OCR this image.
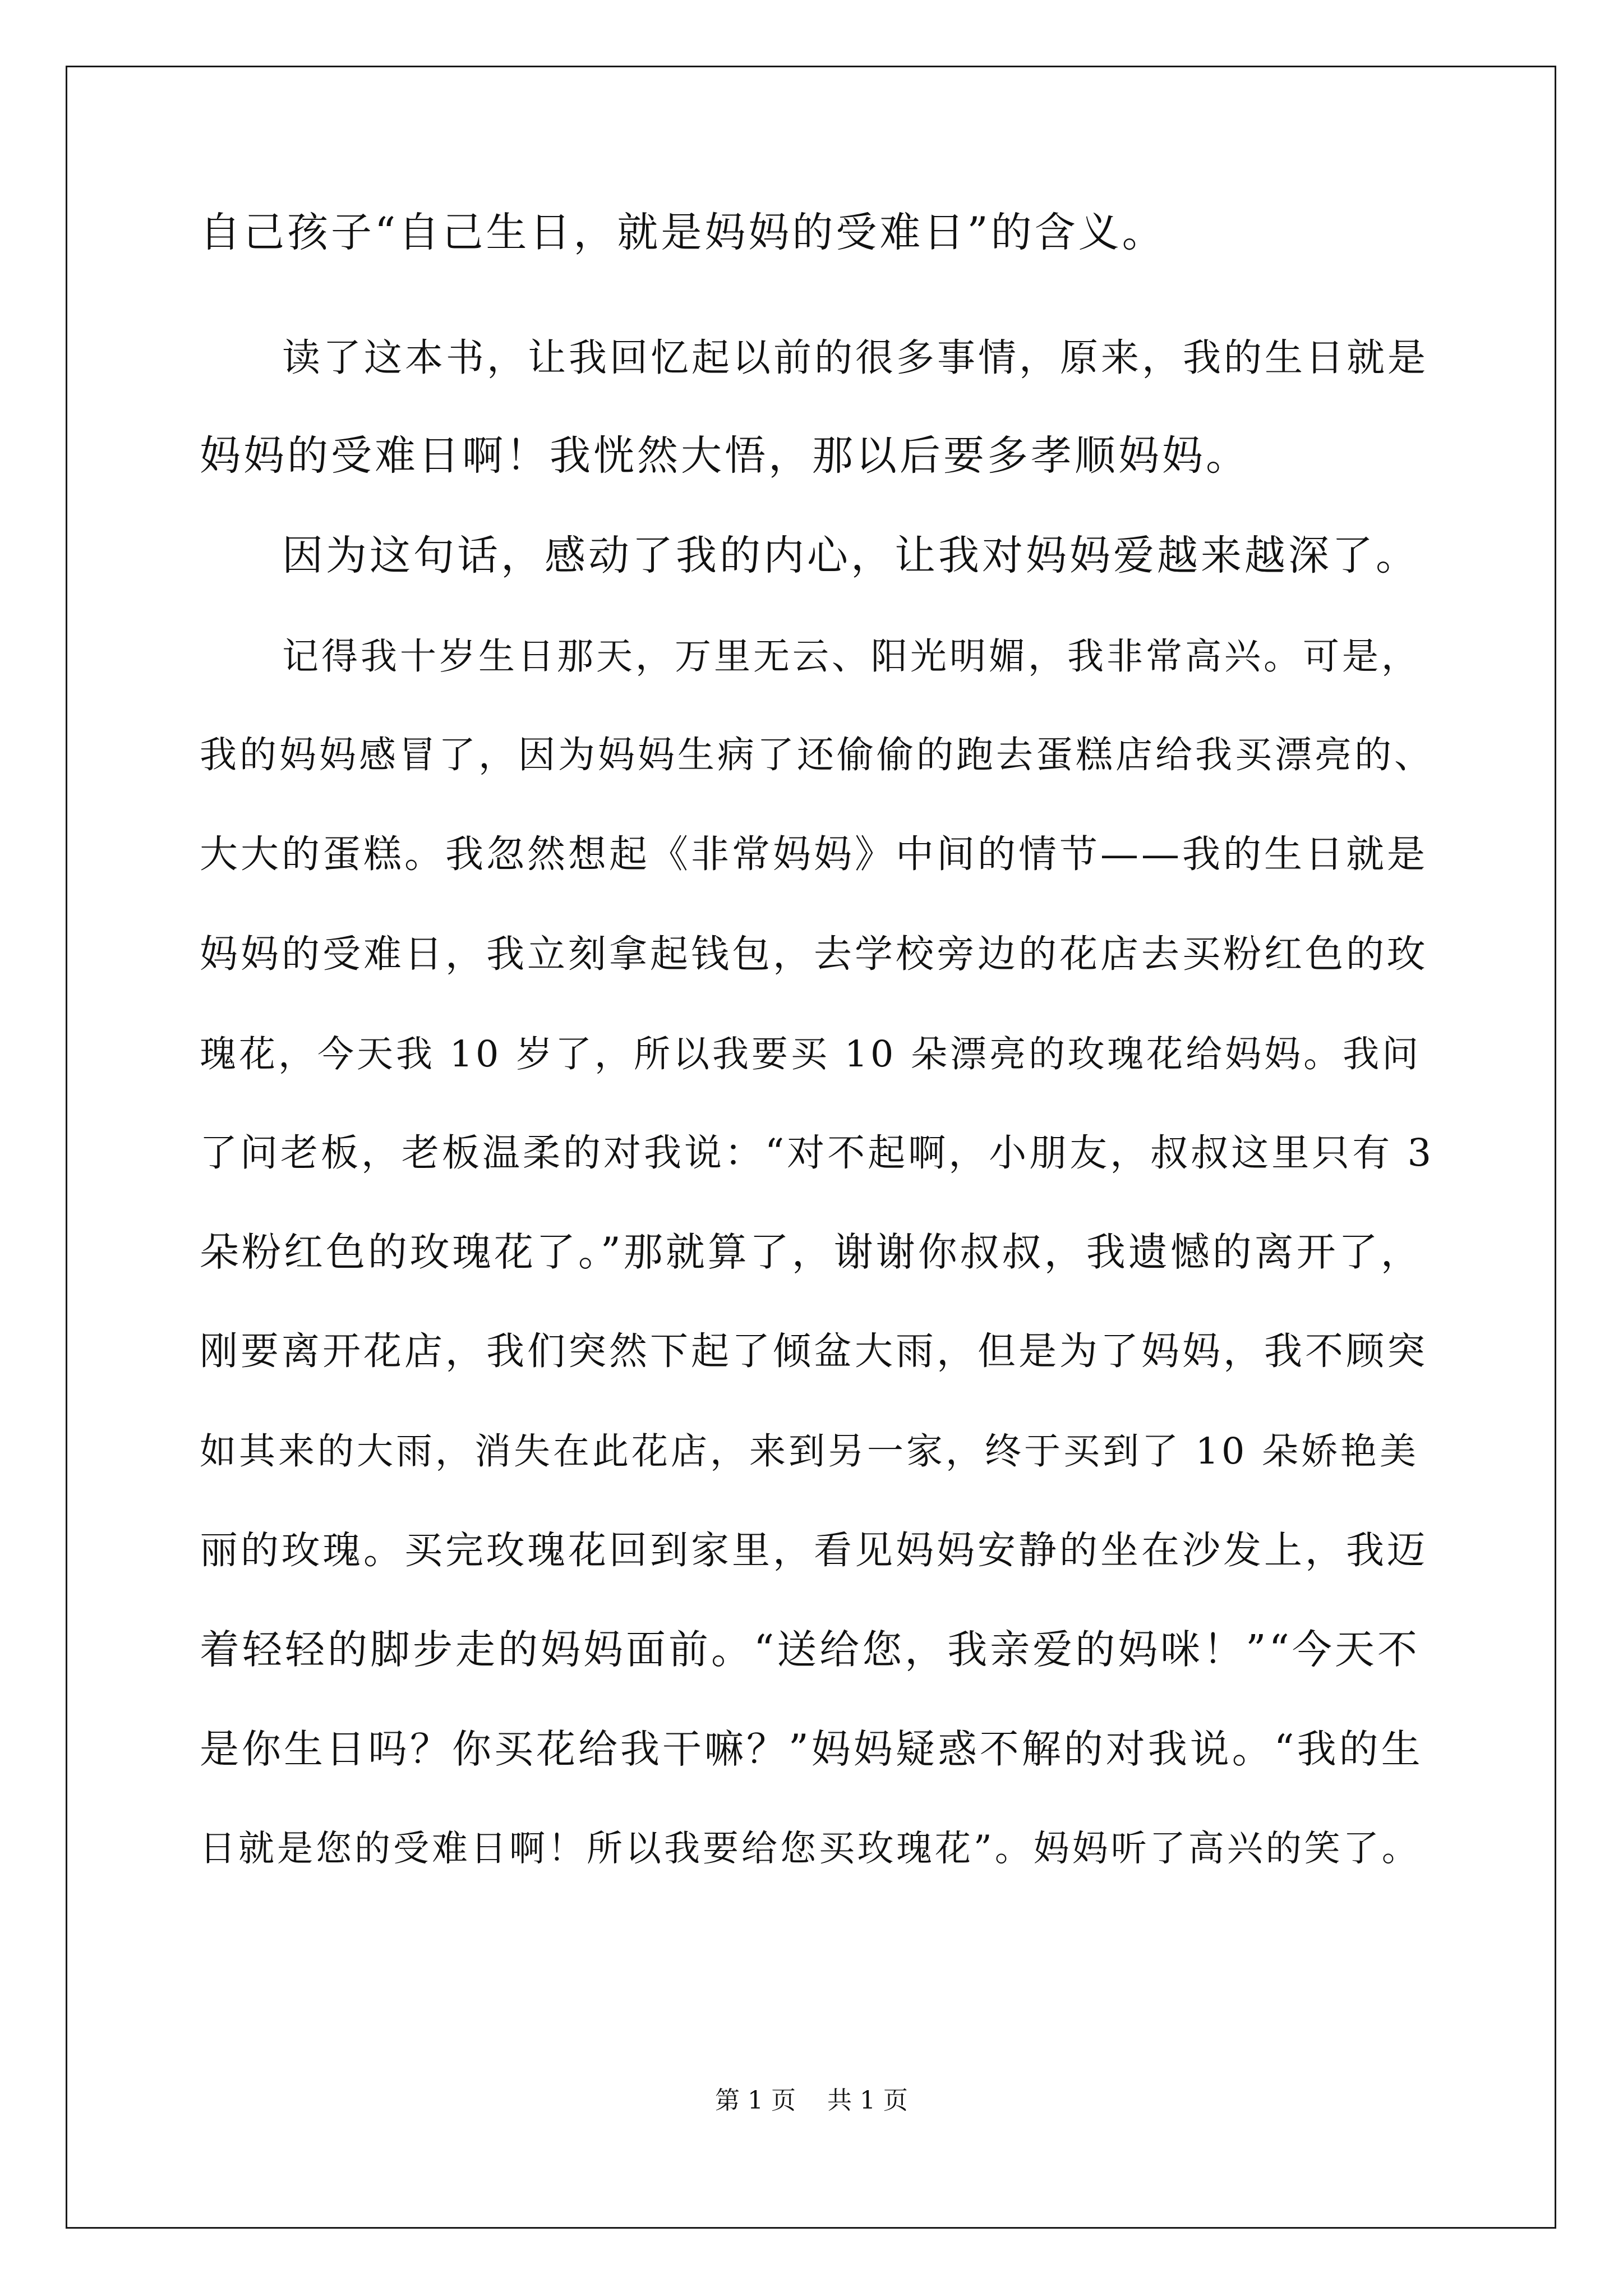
自己孩子“自己生日，就是妈妈的受难日”的含义。

读了这本书，让我回忆起以前的很多事情，原来，我的生日就是

妈妈的受难日啊！我恍然大悟，那以后要多孝顺妈妈。

因为这句话，感动了我的内心，让我对妈妈爱越来越深了。

记得我十岁生日那天，万里无云、阳光明媚，我非常高兴。可是，

我的妈妈感冒了，因为妈妈生病了还偷偷的跑去蛋糕店给我买漂亮的、

大大的蛋糕。我忽然想起《非常妈妈》中间的情节——我的生日就是

妈妈的受难日，我立刻拿起钱包，去学校旁边的花店去买粉红色的玫

瑰花，今天我 10 岁了，所以我要买 10 朵漂亮的玫瑰花给妈妈。我问

了问老板，老板温柔的对我说：“对不起啊，小朋友，叔叔这里只有 3

朵粉红色的玫瑰花了。”那就算了，谢谢你叔叔，我遗憾的离开了，

刚要离开花店，我们突然下起了倾盆大雨，但是为了妈妈，我不顾突

如其来的大雨，消失在此花店，来到另一家，终于买到了 10 朵娇艳美

丽的玫瑰。买完玫瑰花回到家里，看见妈妈安静的坐在沙发上，我迈

着轻轻的脚步走的妈妈面前。“送给您，我亲爱的妈咪！”“今天不

是你生日吗？你买花给我干嘛？”妈妈疑惑不解的对我说。“我的生

日就是您的受难日啊！所以我要给您买玫瑰花”。妈妈听了高兴的笑了。

第 1 页    共 1 页
